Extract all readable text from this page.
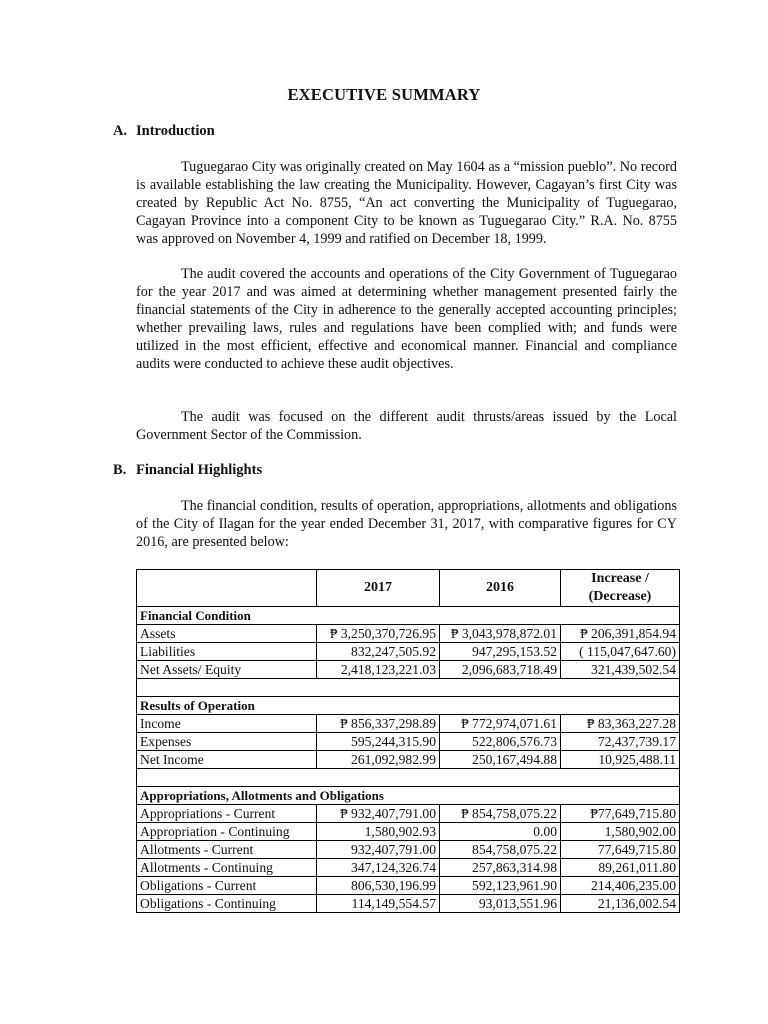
EXECUTIVE SUMMARY
A. Introduction

Tuguegarao City was originally created on May 1604 as a “mission pueblo”. No record is available establishing the law creating the Municipality. However, Cagayan’s first City was created by Republic Act No. 8755, “An act converting the Municipality of Tuguegarao, Cagayan Province into a component City to be known as Tuguegarao City.” R.A. No. 8755 was approved on November 4, 1999 and ratified on December 18, 1999.

The audit covered the accounts and operations of the City Government of Tuguegarao for the year 2017 and was aimed at determining whether management presented fairly the financial statements of the City in adherence to the generally accepted accounting principles; whether prevailing laws, rules and regulations have been complied with; and funds were utilized in the most efficient, effective and economical manner. Financial and compliance audits were conducted to achieve these audit objectives.

The audit was focused on the different audit thrusts/areas issued by the Local Government Sector of the Commission.

B. Financial Highlights

The financial condition, results of operation, appropriations, allotments and obligations of the City of Ilagan for the year ended December 31, 2017, with comparative figures for CY 2016, are presented below:

	2017	2016	Increase / (Decrease)
Financial Condition			
Assets	₱ 3,250,370,726.95	₱ 3,043,978,872.01	₱ 206,391,854.94
Liabilities	832,247,505.92	947,295,153.52	( 115,047,647.60)
Net Assets/ Equity	2,418,123,221.03	2,096,683,718.49	321,439,502.54

Results of Operation			
Income	₱ 856,337,298.89	₱ 772,974,071.61	₱ 83,363,227.28
Expenses	595,244,315.90	522,806,576.73	72,437,739.17
Net Income	261,092,982.99	250,167,494.88	10,925,488.11

Appropriations, Allotments and Obligations			
Appropriations - Current	₱ 932,407,791.00	₱ 854,758,075.22	₱77,649,715.80
Appropriation - Continuing	1,580,902.93	0.00	1,580,902.00
Allotments - Current	932,407,791.00	854,758,075.22	77,649,715.80
Allotments - Continuing	347,124,326.74	257,863,314.98	89,261,011.80
Obligations - Current	806,530,196.99	592,123,961.90	214,406,235.00
Obligations - Continuing	114,149,554.57	93,013,551.96	21,136,002.54
